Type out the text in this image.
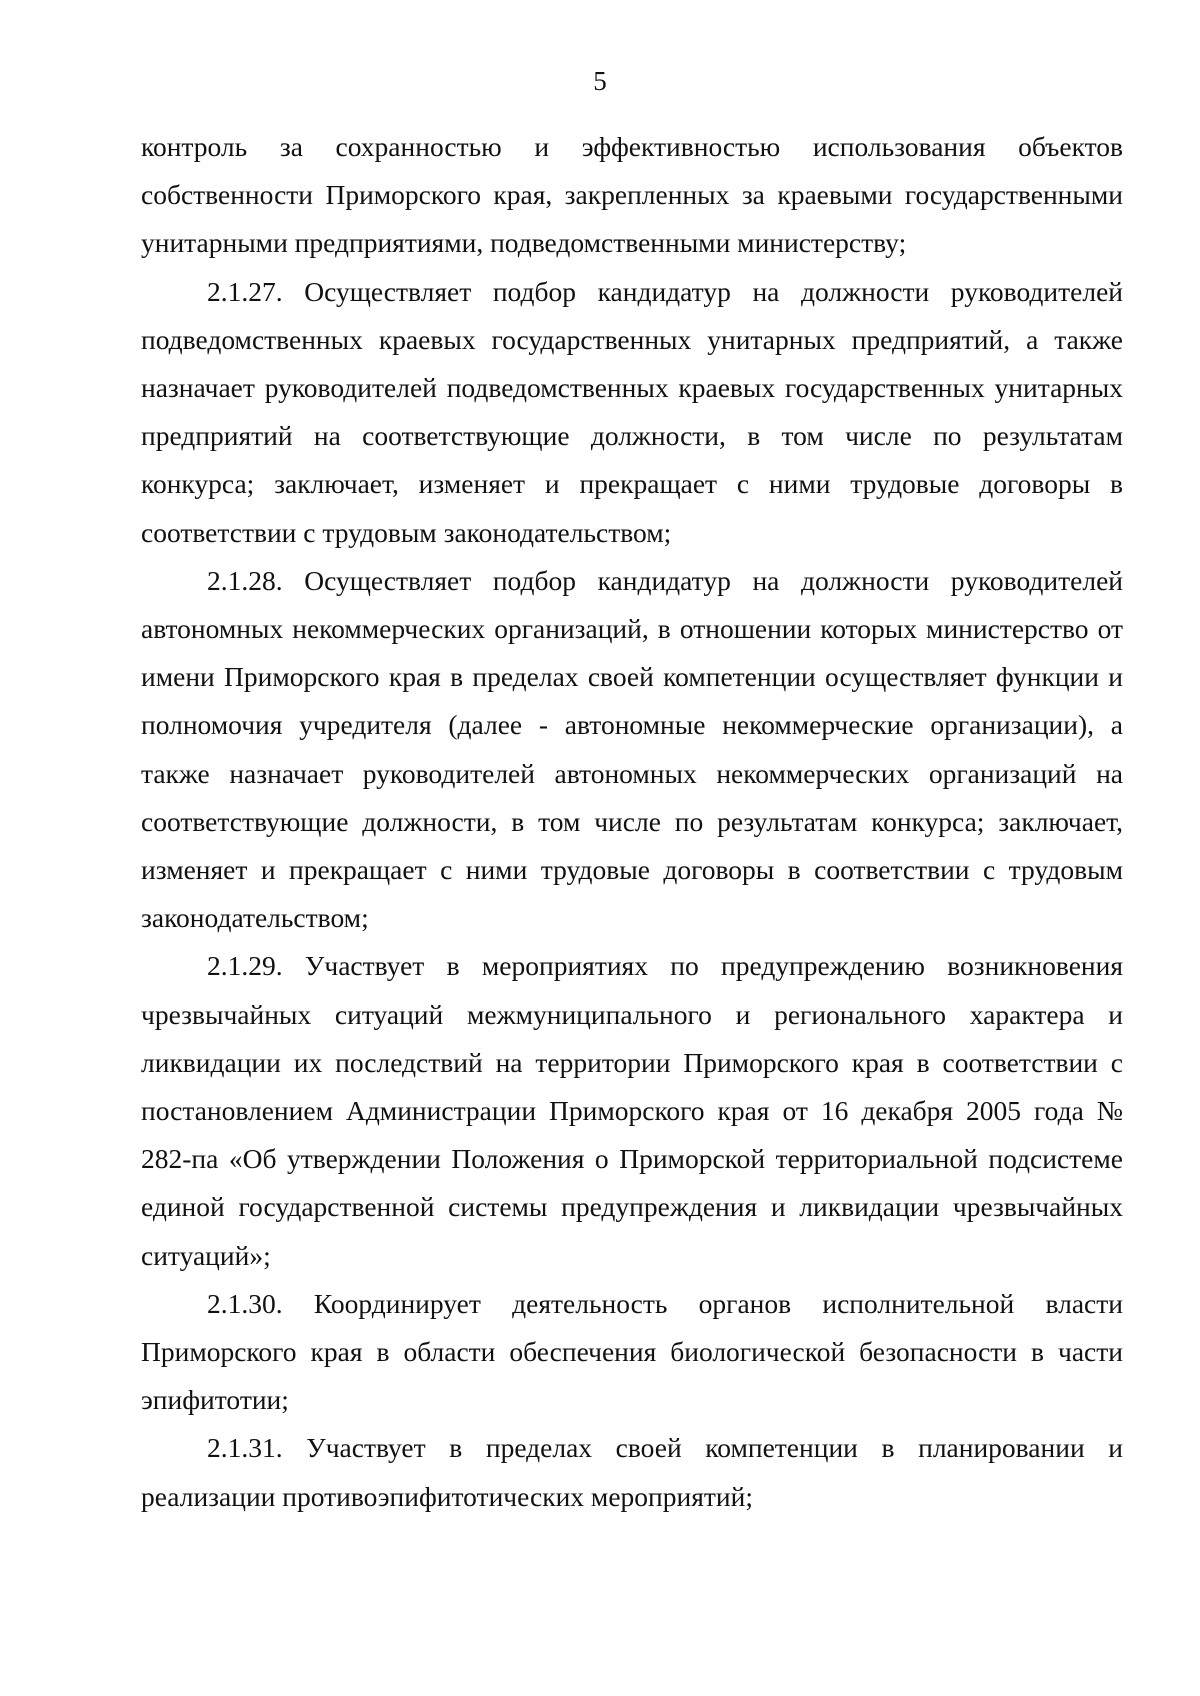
5

контроль за сохранностью и эффективностью использования объектов собственности Приморского края, закрепленных за краевыми государственными унитарными предприятиями, подведомственными министерству;

2.1.27. Осуществляет подбор кандидатур на должности руководителей подведомственных краевых государственных унитарных предприятий, а также назначает руководителей подведомственных краевых государственных унитарных предприятий на соответствующие должности, в том числе по результатам конкурса; заключает, изменяет и прекращает с ними трудовые договоры в соответствии с трудовым законодательством;

2.1.28. Осуществляет подбор кандидатур на должности руководителей автономных некоммерческих организаций, в отношении которых министерство от имени Приморского края в пределах своей компетенции осуществляет функции и полномочия учредителя (далее - автономные некоммерческие организации), а также назначает руководителей автономных некоммерческих организаций на соответствующие должности, в том числе по результатам конкурса; заключает, изменяет и прекращает с ними трудовые договоры в соответствии с трудовым законодательством;

2.1.29. Участвует в мероприятиях по предупреждению возникновения чрезвычайных ситуаций межмуниципального и регионального характера и ликвидации их последствий на территории Приморского края в соответствии с постановлением Администрации Приморского края от 16 декабря 2005 года № 282-па «Об утверждении Положения о Приморской территориальной подсистеме единой государственной системы предупреждения и ликвидации чрезвычайных ситуаций»;

2.1.30. Координирует деятельность органов исполнительной власти Приморского края в области обеспечения биологической безопасности в части эпифитотии;

2.1.31. Участвует в пределах своей компетенции в планировании и реализации противоэпифитотических мероприятий;
